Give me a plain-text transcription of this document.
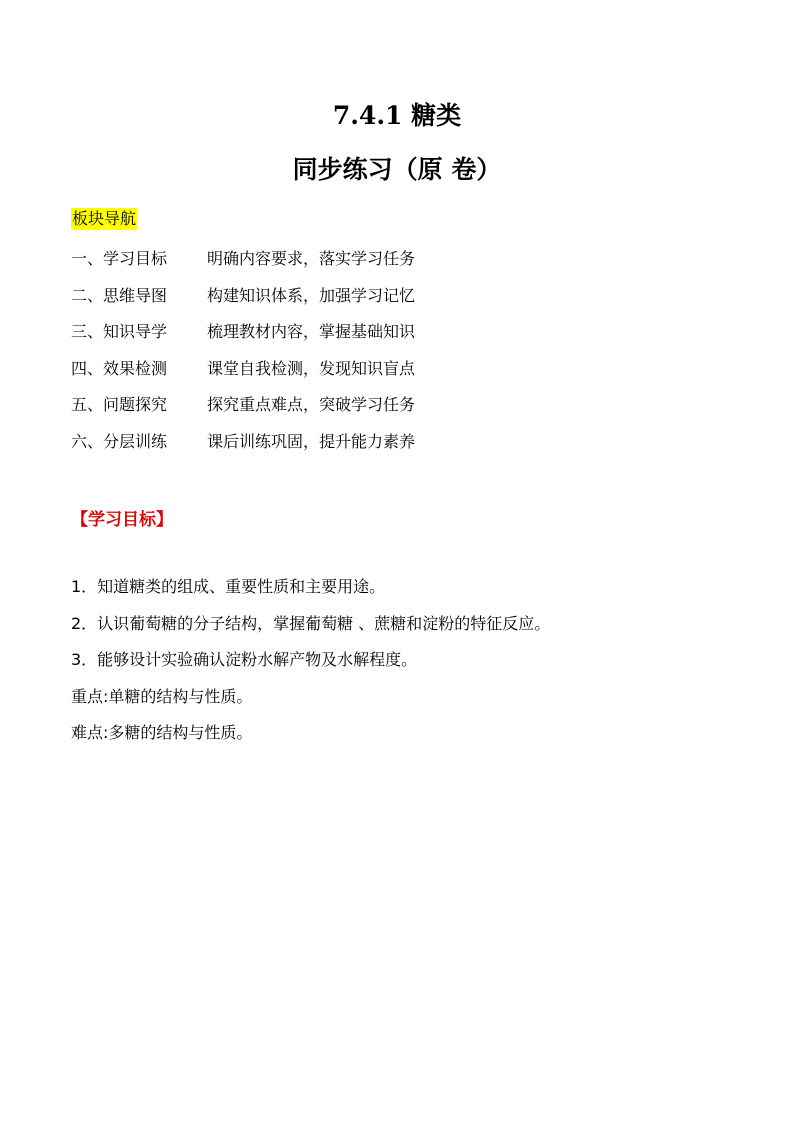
7.4.1 糖类
同步练习（原 卷）
板块导航
一、学习目标 明确内容要求，落实学习任务
二、思维导图 构建知识体系，加强学习记忆
三、知识导学 梳理教材内容，掌握基础知识
四、效果检测 课堂自我检测，发现知识盲点
五、问题探究 探究重点难点，突破学习任务
六、分层训练 课后训练巩固，提升能力素养
【学习目标】
1．知道糖类的组成、重要性质和主要用途。
2．认识葡萄糖的分子结构，掌握葡萄糖 、蔗糖和淀粉的特征反应。
3．能够设计实验确认淀粉水解产物及水解程度。
重点:单糖的结构与性质。
难点:多糖的结构与性质。
